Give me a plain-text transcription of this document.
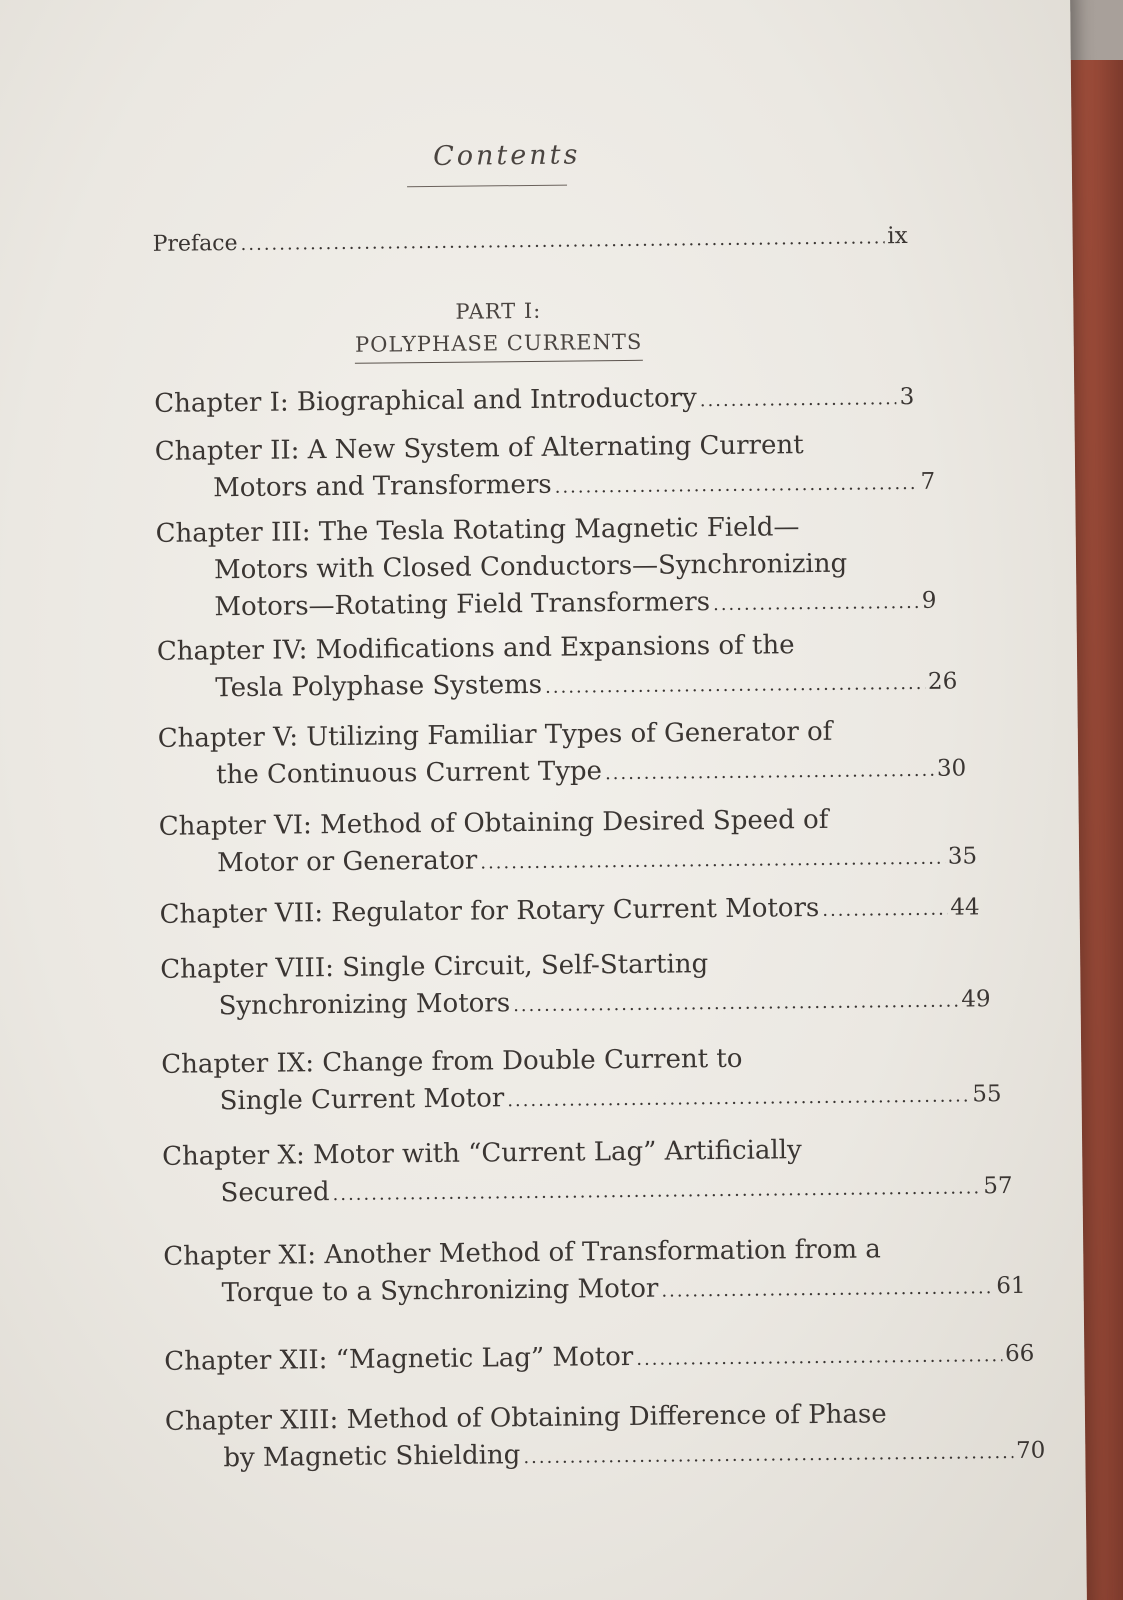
Contents
Preface .....	ix
PART I:
POLYPHASE CURRENTS
Chapter I: Biographical and Introductory .....	3
Chapter II: A New System of Alternating Current
Motors and Transformers .....	7
Chapter III: The Tesla Rotating Magnetic Field—
Motors with Closed Conductors—Synchronizing
Motors—Rotating Field Transformers .....	9
Chapter IV: Modifications and Expansions of the
Tesla Polyphase Systems .....	26
Chapter V: Utilizing Familiar Types of Generator of
the Continuous Current Type .....	30
Chapter VI: Method of Obtaining Desired Speed of
Motor or Generator .....	35
Chapter VII: Regulator for Rotary Current Motors .....	44
Chapter VIII: Single Circuit, Self-Starting
Synchronizing Motors .....	49
Chapter IX: Change from Double Current to
Single Current Motor .....	55
Chapter X: Motor with “Current Lag” Artificially
Secured .....	57
Chapter XI: Another Method of Transformation from a
Torque to a Synchronizing Motor .....	61
Chapter XII: “Magnetic Lag” Motor .....	66
Chapter XIII: Method of Obtaining Difference of Phase
by Magnetic Shielding .....	70
